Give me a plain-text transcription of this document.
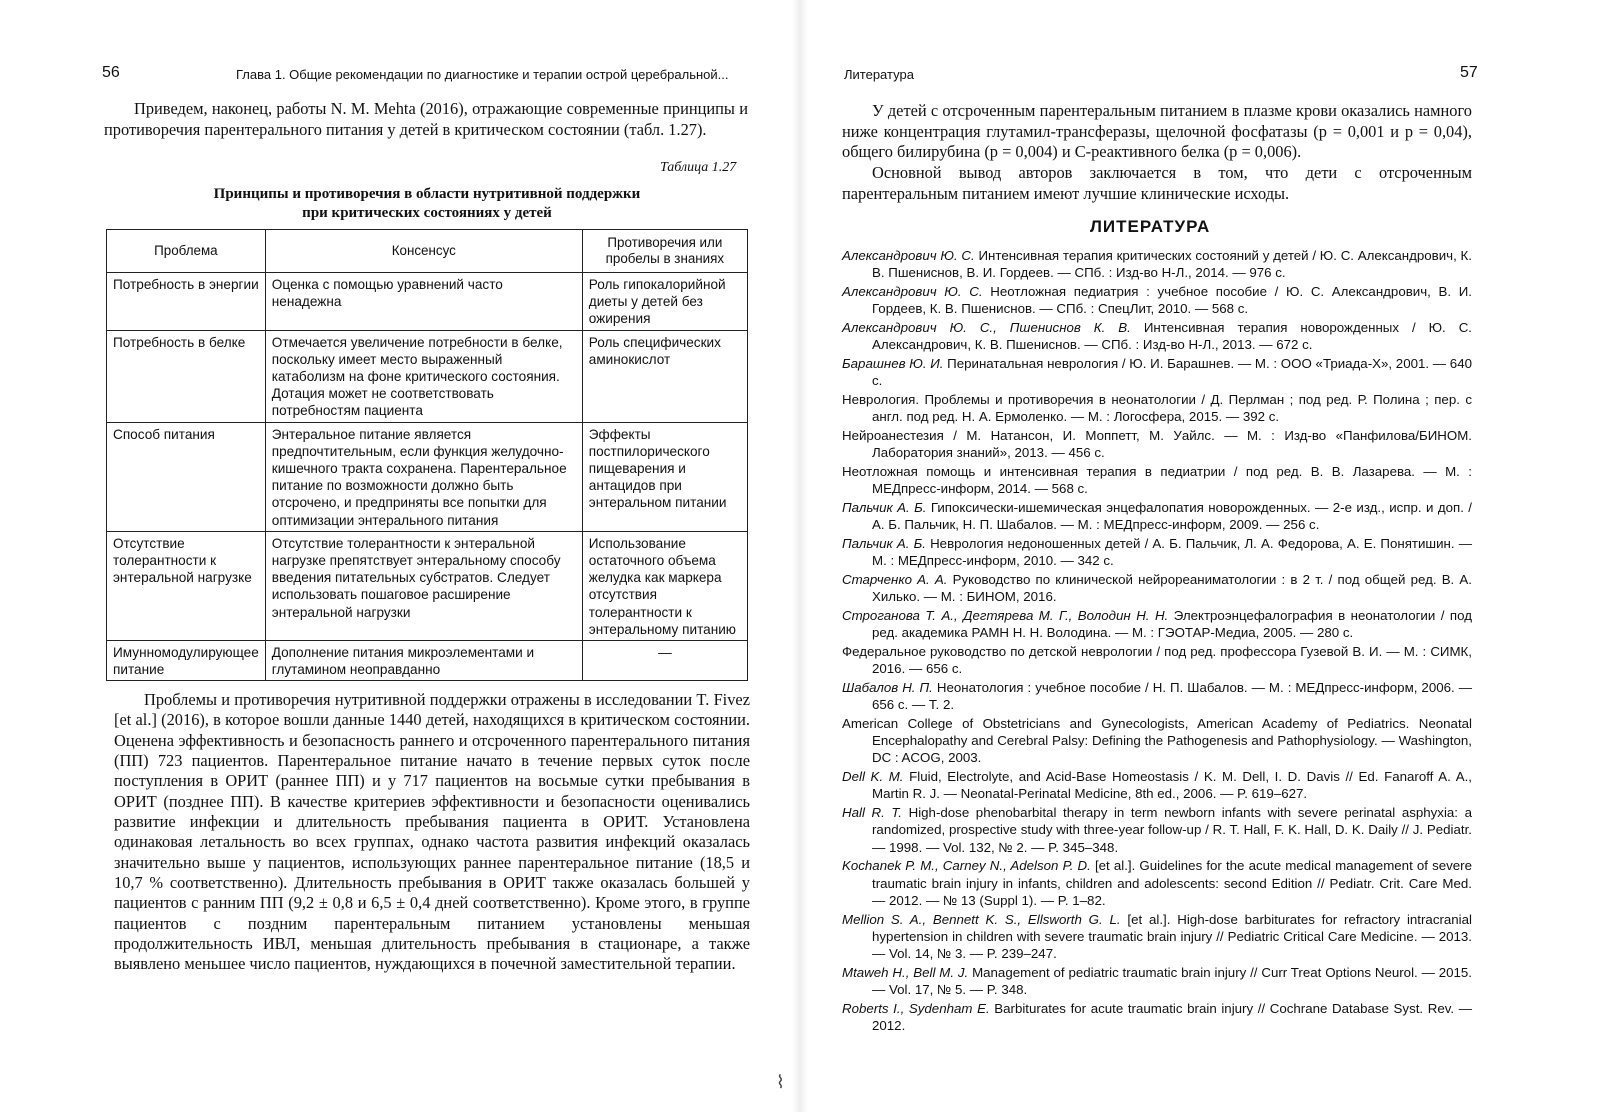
56	Глава 1. Общие рекомендации по диагностике и терапии острой церебральной...

Приведем, наконец, работы N. M. Mehta (2016), отражающие современные принципы и противоречия парентерального питания у детей в критическом состоянии (табл. 1.27).

Таблица 1.27
Принципы и противоречия в области нутритивной поддержки
при критических состояниях у детей
Проблема	Консенсус	Противоречия или пробелы в знаниях
Потребность в энергии	Оценка с помощью уравнений часто ненадежна	Роль гипокалорийной диеты у детей без ожирения
Потребность в белке	Отмечается увеличение потребности в белке, поскольку имеет место выраженный катаболизм на фоне критического состояния. Дотация может не соответствовать потребностям пациента	Роль специфических аминокислот
Способ питания	Энтеральное питание является предпочтительным, если функция желудочно-кишечного тракта сохранена. Парентеральное питание по возможности должно быть отсрочено, и предприняты все попытки для оптимизации энтерального питания	Эффекты постпилорического пищеварения и антацидов при энтеральном питании
Отсутствие толерантности к энтеральной нагрузке	Отсутствие толерантности к энтеральной нагрузке препятствует энтеральному способу введения питательных субстратов. Следует использовать пошаговое расширение энтеральной нагрузки	Использование остаточного объема желудка как маркера отсутствия толерантности к энтеральному питанию
Имунномодулирующее питание	Дополнение питания микроэлементами и глутамином неоправданно	—

Проблемы и противоречия нутритивной поддержки отражены в исследовании T. Fivez [et al.] (2016), в которое вошли данные 1440 детей, находящихся в критическом состоянии. Оценена эффективность и безопасность раннего и отсроченного парентерального питания (ПП) 723 пациентов. Парентеральное питание начато в течение первых суток после поступления в ОРИТ (раннее ПП) и у 717 пациентов на восьмые сутки пребывания в ОРИТ (позднее ПП). В качестве критериев эффективности и безопасности оценивались развитие инфекции и длительность пребывания пациента в ОРИТ. Установлена одинаковая летальность во всех группах, однако частота развития инфекций оказалась значительно выше у пациентов, использующих раннее парентеральное питание (18,5 и 10,7 % соответственно). Длительность пребывания в ОРИТ также оказалась большей у пациентов с ранним ПП (9,2 ± 0,8 и 6,5 ± 0,4 дней соответственно). Кроме этого, в группе пациентов с поздним парентеральным питанием установлены меньшая продолжительность ИВЛ, меньшая длительность пребывания в стационаре, а также выявлено меньшее число пациентов, нуждающихся в почечной заместительной терапии.

Литература	57

У детей с отсроченным парентеральным питанием в плазме крови оказались намного ниже концентрация глутамил-трансферазы, щелочной фосфатазы (p = 0,001 и p = 0,04), общего билирубина (p = 0,004) и С-реактивного белка (p = 0,006).

Основной вывод авторов заключается в том, что дети с отсроченным парентеральным питанием имеют лучшие клинические исходы.

ЛИТЕРАТУРА

Александрович Ю. С. Интенсивная терапия критических состояний у детей / Ю. С. Александрович, К. В. Пшениснов, В. И. Гордеев. — СПб. : Изд-во Н-Л., 2014. — 976 с.

Александрович Ю. С. Неотложная педиатрия : учебное пособие / Ю. С. Александрович, В. И. Гордеев, К. В. Пшениснов. — СПб. : СпецЛит, 2010. — 568 с.

Александрович Ю. С., Пшениснов К. В. Интенсивная терапия новорожденных / Ю. С. Александрович, К. В. Пшениснов. — СПб. : Изд-во Н-Л., 2013. — 672 с.

Барашнев Ю. И. Перинатальная неврология / Ю. И. Барашнев. — М. : ООО «Триада-Х», 2001. — 640 с.

Неврология. Проблемы и противоречия в неонатологии / Д. Перлман ; под ред. Р. Полина ; пер. с англ. под ред. Н. А. Ермоленко. — М. : Логосфера, 2015. — 392 с.

Нейроанестезия / М. Натансон, И. Моппетт, М. Уайлс. — М. : Изд-во «Панфилова/БИНОМ. Лаборатория знаний», 2013. — 456 с.

Неотложная помощь и интенсивная терапия в педиатрии / под ред. В. В. Лазарева. — М. : МЕДпресс-информ, 2014. — 568 с.

Пальчик А. Б. Гипоксически-ишемическая энцефалопатия новорожденных. — 2-е изд., испр. и доп. / А. Б. Пальчик, Н. П. Шабалов. — М. : МЕДпресс-информ, 2009. — 256 с.

Пальчик А. Б. Неврология недоношенных детей / А. Б. Пальчик, Л. А. Федорова, А. Е. Понятишин. — М. : МЕДпресс-информ, 2010. — 342 с.

Старченко А. А. Руководство по клинической нейрореаниматологии : в 2 т. / под общей ред. В. А. Хилько. — М. : БИНОМ, 2016.

Строганова Т. А., Дегтярева М. Г., Володин Н. Н. Электроэнцефалография в неонатологии / под ред. академика РАМН Н. Н. Володина. — М. : ГЭОТАР-Медиа, 2005. — 280 с.

Федеральное руководство по детской неврологии / под ред. профессора Гузевой В. И. — М. : СИМК, 2016. — 656 с.

Шабалов Н. П. Неонатология : учебное пособие / Н. П. Шабалов. — М. : МЕДпресс-информ, 2006. — 656 с. — Т. 2.

American College of Obstetricians and Gynecologists, American Academy of Pediatrics. Neonatal Encephalopathy and Cerebral Palsy: Defining the Pathogenesis and Pathophysiology. — Washington, DC : ACOG, 2003.

Dell K. M. Fluid, Electrolyte, and Acid-Base Homeostasis / K. M. Dell, I. D. Davis // Ed. Fanaroff A. A., Martin R. J. — Neonatal-Perinatal Medicine, 8th ed., 2006. — P. 619–627.

Hall R. T. High-dose phenobarbital therapy in term newborn infants with severe perinatal asphyxia: a randomized, prospective study with three-year follow-up / R. T. Hall, F. K. Hall, D. K. Daily // J. Pediatr. — 1998. — Vol. 132, № 2. — P. 345–348.

Kochanek P. M., Carney N., Adelson P. D. [et al.]. Guidelines for the acute medical management of severe traumatic brain injury in infants, children and adolescents: second Edition // Pediatr. Crit. Care Med. — 2012. — № 13 (Suppl 1). — P. 1–82.

Mellion S. A., Bennett K. S., Ellsworth G. L. [et al.]. High-dose barbiturates for refractory intracranial hypertension in children with severe traumatic brain injury // Pediatric Critical Care Medicine. — 2013. — Vol. 14, № 3. — P. 239–247.

Mtaweh H., Bell M. J. Management of pediatric traumatic brain injury // Curr Treat Options Neurol. — 2015. — Vol. 17, № 5. — P. 348.

Roberts I., Sydenham E. Barbiturates for acute traumatic brain injury // Cochrane Database Syst. Rev. — 2012.

⌇
